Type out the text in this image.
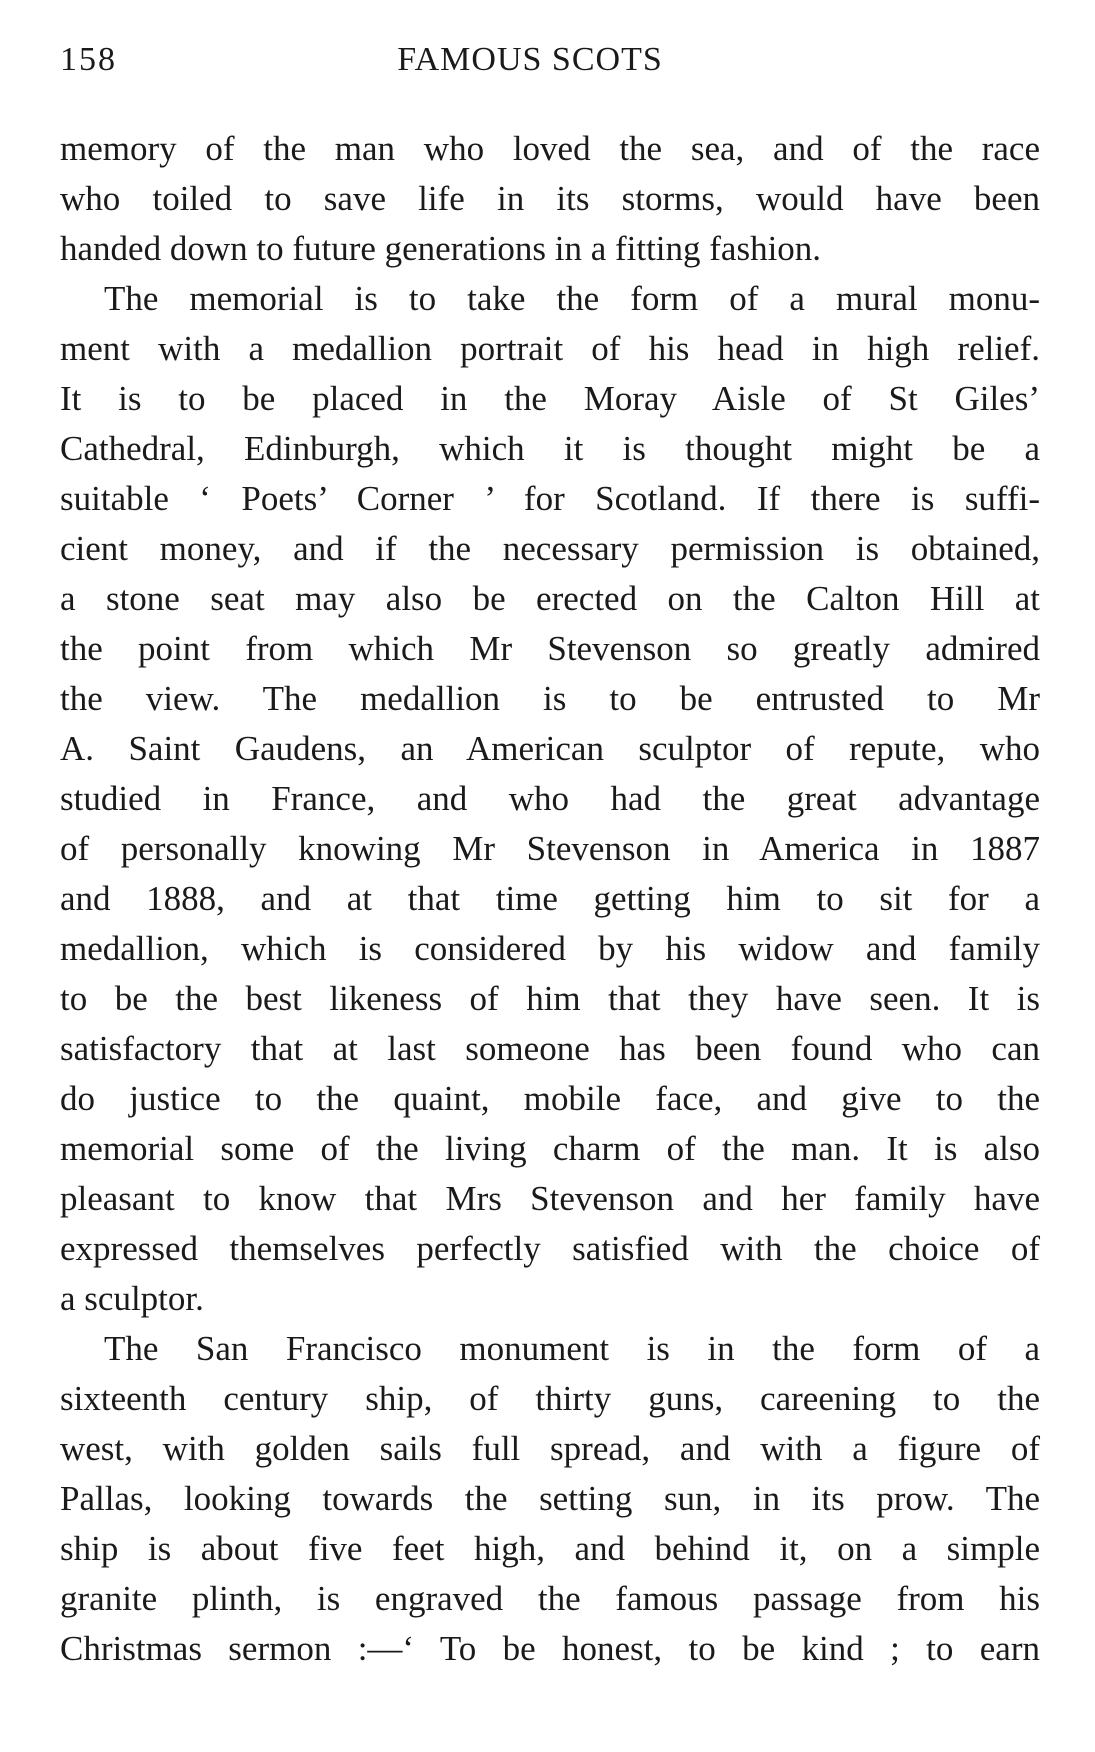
158	FAMOUS SCOTS
memory of the man who loved the sea, and of the race
who toiled to save life in its storms, would have been
handed down to future generations in a fitting fashion.
The memorial is to take the form of a mural monu-
ment with a medallion portrait of his head in high relief.
It is to be placed in the Moray Aisle of St Giles’
Cathedral, Edinburgh, which it is thought might be a
suitable ‘ Poets’ Corner ’ for Scotland. If there is suffi-
cient money, and if the necessary permission is obtained,
a stone seat may also be erected on the Calton Hill at
the point from which Mr Stevenson so greatly admired
the view. The medallion is to be entrusted to Mr
A. Saint Gaudens, an American sculptor of repute, who
studied in France, and who had the great advantage
of personally knowing Mr Stevenson in America in 1887
and 1888, and at that time getting him to sit for a
medallion, which is considered by his widow and family
to be the best likeness of him that they have seen. It is
satisfactory that at last someone has been found who can
do justice to the quaint, mobile face, and give to the
memorial some of the living charm of the man. It is also
pleasant to know that Mrs Stevenson and her family have
expressed themselves perfectly satisfied with the choice of
a sculptor.
The San Francisco monument is in the form of a
sixteenth century ship, of thirty guns, careening to the
west, with golden sails full spread, and with a figure of
Pallas, looking towards the setting sun, in its prow. The
ship is about five feet high, and behind it, on a simple
granite plinth, is engraved the famous passage from his
Christmas sermon :—‘ To be honest, to be kind ; to earn
